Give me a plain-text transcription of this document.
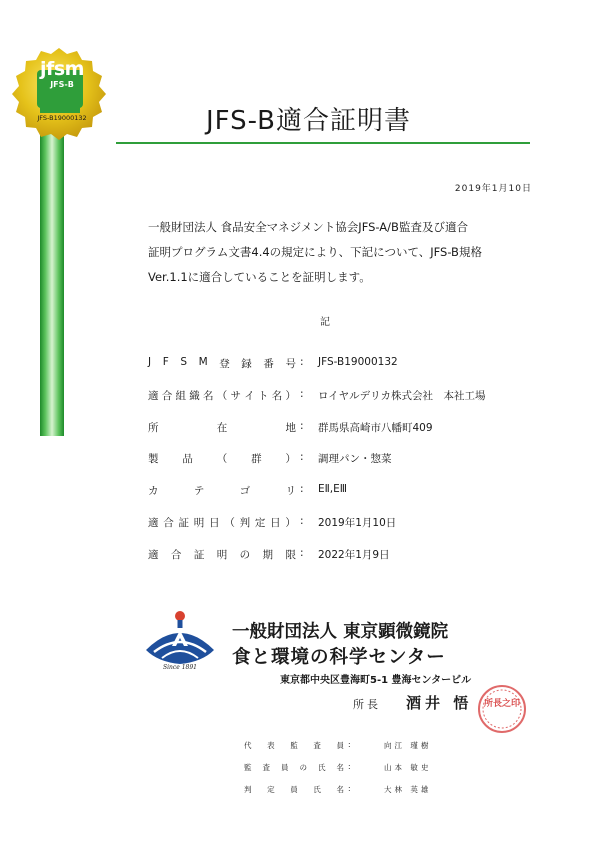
jfsm
JFS-B
JFS-B19000132	JFS-B適合証明書
2019年1月10日
一般財団法人 食品安全マネジメント協会JFS-A/B監査及び適合
証明プログラム文書4.4の規定により、下記について、JFS-B規格
Ver.1.1に適合していることを証明します。
記
J F S M 登 録 番 号 : JFS-B19000132
適 合 組 織 名 （ サ イ ト 名 ） : ロイヤルデリカ株式会社　本社工場
所	在	地 : 群馬県高崎市八幡町409
製 品 （ 群 ） : 調理パン・惣菜
カ	テ	ゴ	リ : EⅡ,EⅢ
適 合 証 明 日 （ 判 定 日 ） : 2019年1月10日
適 合 証 明 の 期 限 : 2022年1月9日
Since 1891
一般財団法人 東京顕微鏡院
食と環境の科学センター
東京都中央区豊海町5-1 豊海センタービル
所長 酒井 悟	所長之印
代 表 監 査 員 :	向江 瑾樹
監 査 員 の 氏 名 :	山本 敏史
判 定 員 氏 名 :	大林 英雄
